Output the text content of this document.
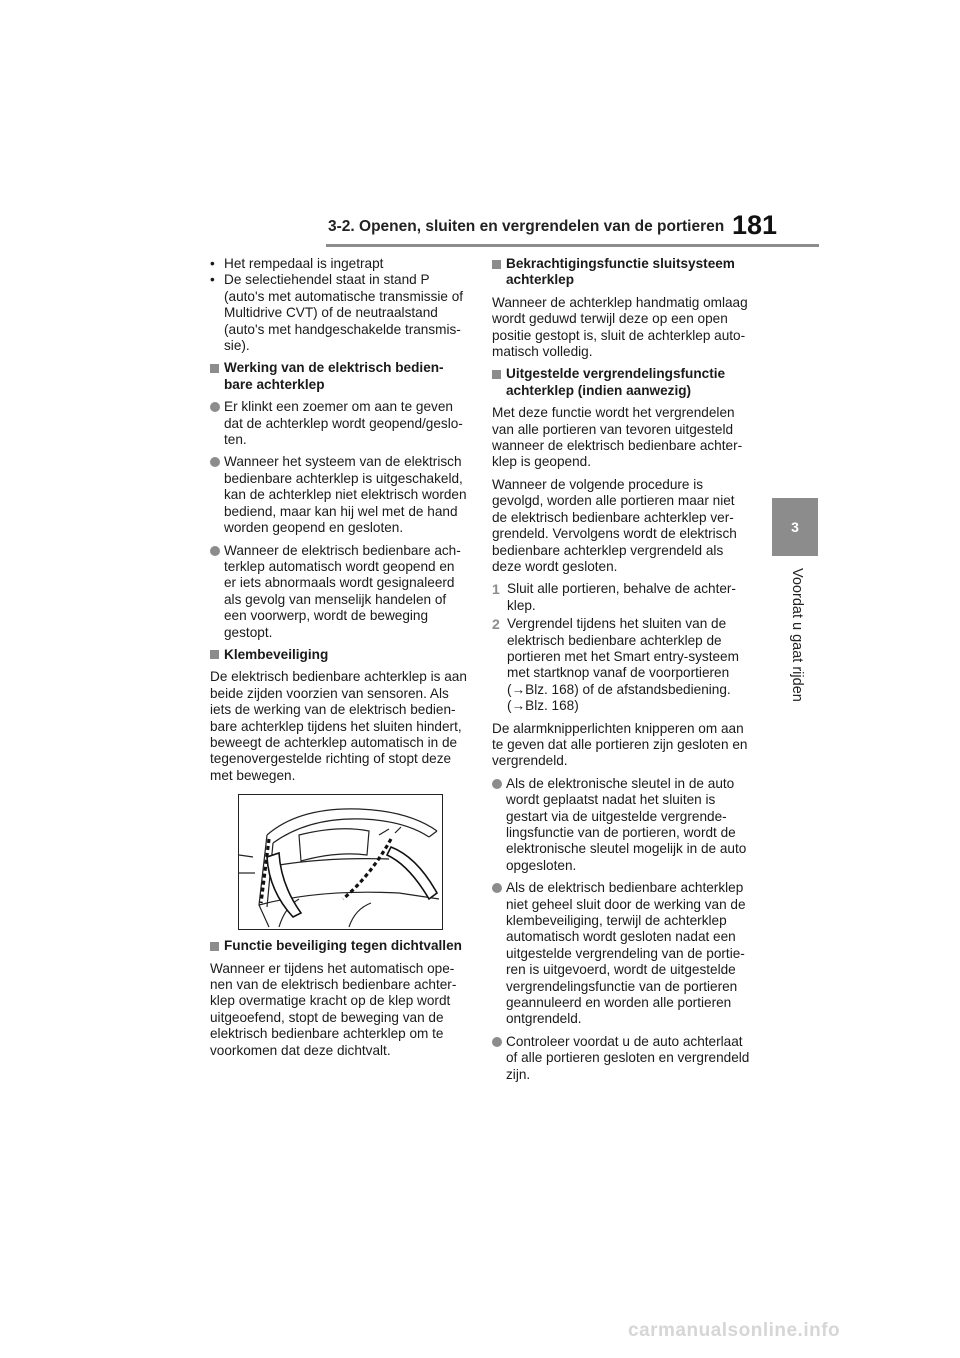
3-2. Openen, sluiten en vergrendelen van de portieren 181
3
Voordat u gaat rijden
• Het rempedaal is ingetrapt
• De selectiehendel staat in stand P (auto's met automatische transmissie of Multidrive CVT) of de neutraalstand (auto's met handgeschakelde transmis-sie).
Werking van de elektrisch bedien-bare achterklep
Er klinkt een zoemer om aan te geven dat de achterklep wordt geopend/geslo-ten.
Wanneer het systeem van de elektrisch bedienbare achterklep is uitgeschakeld, kan de achterklep niet elektrisch worden bediend, maar kan hij wel met de hand worden geopend en gesloten.
Wanneer de elektrisch bedienbare ach-terklep automatisch wordt geopend en er iets abnormaals wordt gesignaleerd als gevolg van menselijk handelen of een voorwerp, wordt de beweging gestopt.
Klembeveiliging
De elektrisch bedienbare achterklep is aan beide zijden voorzien van sensoren. Als iets de werking van de elektrisch bedien-bare achterklep tijdens het sluiten hindert, beweegt de achterklep automatisch in de tegenovergestelde richting of stopt deze met bewegen.
Functie beveiliging tegen dichtvallen
Wanneer er tijdens het automatisch ope-nen van de elektrisch bedienbare achter-klep overmatige kracht op de klep wordt uitgeoefend, stopt de beweging van de elektrisch bedienbare achterklep om te voorkomen dat deze dichtvalt.
Bekrachtigingsfunctie sluitsysteem achterklep
Wanneer de achterklep handmatig omlaag wordt geduwd terwijl deze op een open positie gestopt is, sluit de achterklep auto-matisch volledig.
Uitgestelde vergrendelingsfunctie achterklep (indien aanwezig)
Met deze functie wordt het vergrendelen van alle portieren van tevoren uitgesteld wanneer de elektrisch bedienbare achter-klep is geopend.
Wanneer de volgende procedure is gevolgd, worden alle portieren maar niet de elektrisch bedienbare achterklep ver-grendeld. Vervolgens wordt de elektrisch bedienbare achterklep vergrendeld als deze wordt gesloten.
1 Sluit alle portieren, behalve de achter-klep.
2 Vergrendel tijdens het sluiten van de elektrisch bedienbare achterklep de portieren met het Smart entry-systeem met startknop vanaf de voorportieren (→Blz. 168) of de afstandsbediening. (→Blz. 168)
De alarmknipperlichten knipperen om aan te geven dat alle portieren zijn gesloten en vergrendeld.
Als de elektronische sleutel in de auto wordt geplaatst nadat het sluiten is gestart via de uitgestelde vergrende-lingsfunctie van de portieren, wordt de elektronische sleutel mogelijk in de auto opgesloten.
Als de elektrisch bedienbare achterklep niet geheel sluit door de werking van de klembeveiliging, terwijl de achterklep automatisch wordt gesloten nadat een uitgestelde vergrendeling van de portie-ren is uitgevoerd, wordt de uitgestelde vergrendelingsfunctie van de portieren geannuleerd en worden alle portieren ontgrendeld.
Controleer voordat u de auto achterlaat of alle portieren gesloten en vergrendeld zijn.
carmanualsonline.info
